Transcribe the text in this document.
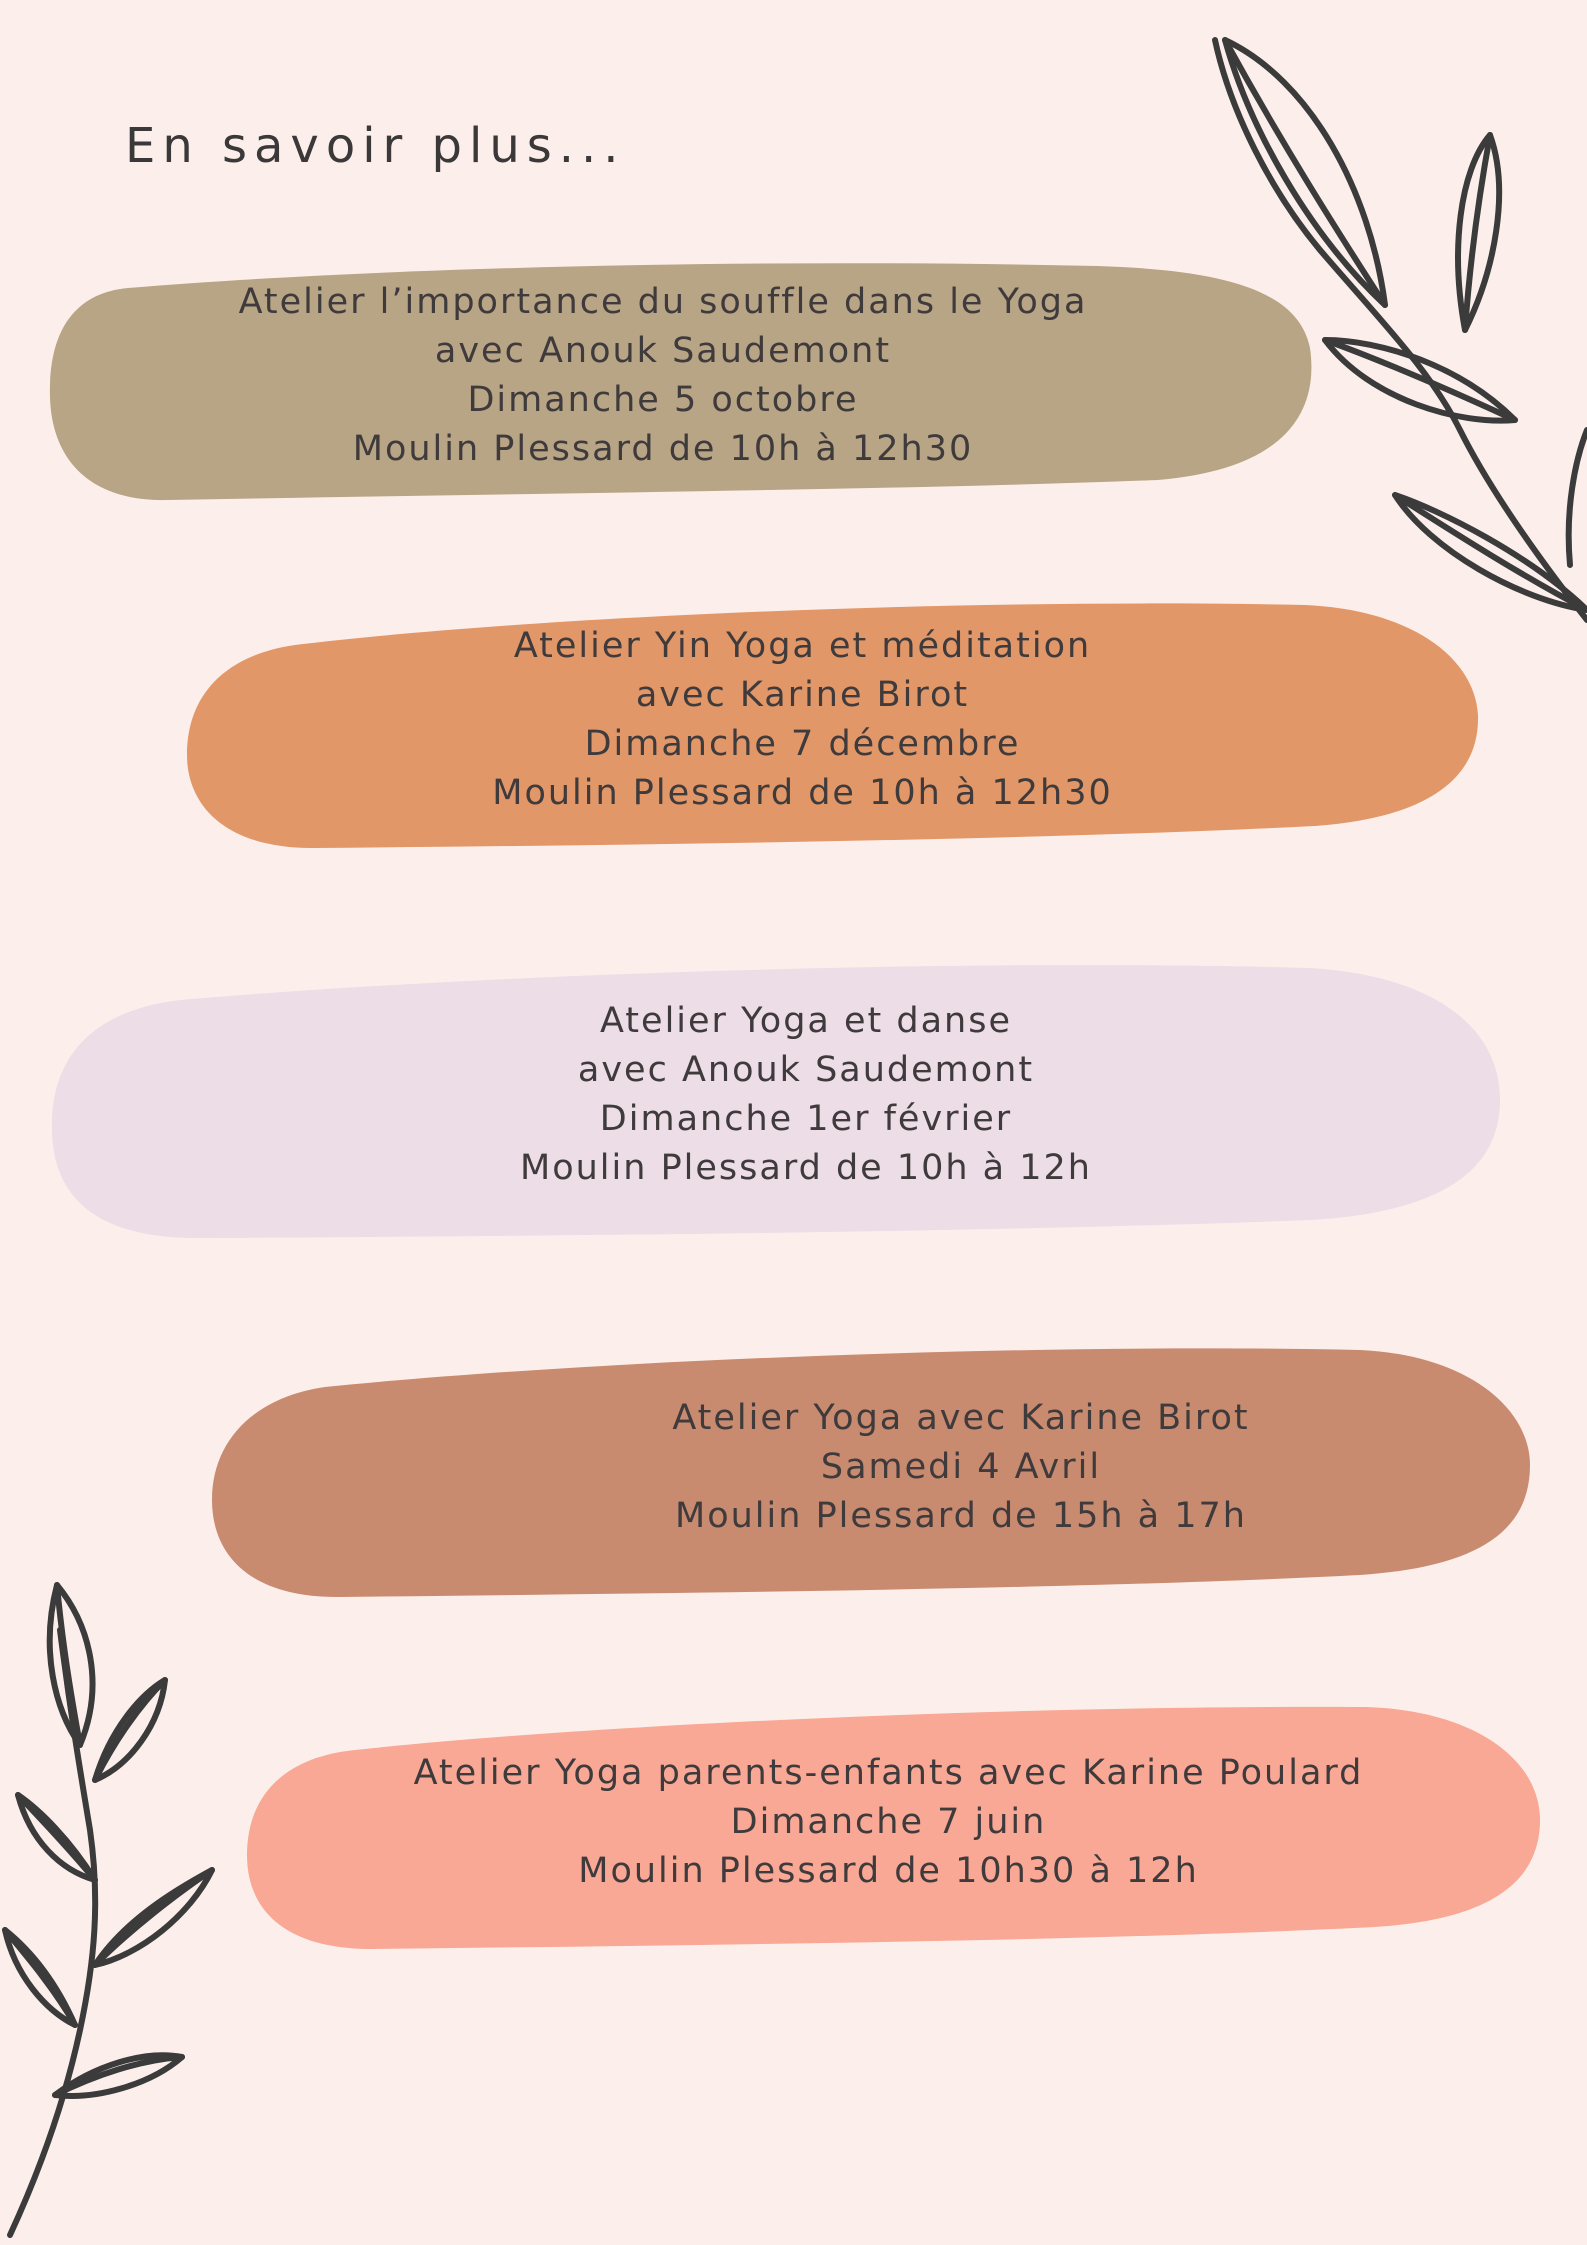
En savoir plus...
Atelier l’importance du souffle dans le Yoga
avec Anouk Saudemont
Dimanche 5 octobre
Moulin Plessard de 10h à 12h30
Atelier Yin Yoga et méditation
avec Karine Birot
Dimanche 7 décembre
Moulin Plessard de 10h à 12h30
Atelier Yoga et danse
avec Anouk Saudemont
Dimanche 1er février
Moulin Plessard de 10h à 12h
Atelier Yoga avec Karine Birot
Samedi 4 Avril
Moulin Plessard de 15h à 17h
Atelier Yoga parents-enfants avec Karine Poulard
Dimanche 7 juin
Moulin Plessard de 10h30 à 12h
